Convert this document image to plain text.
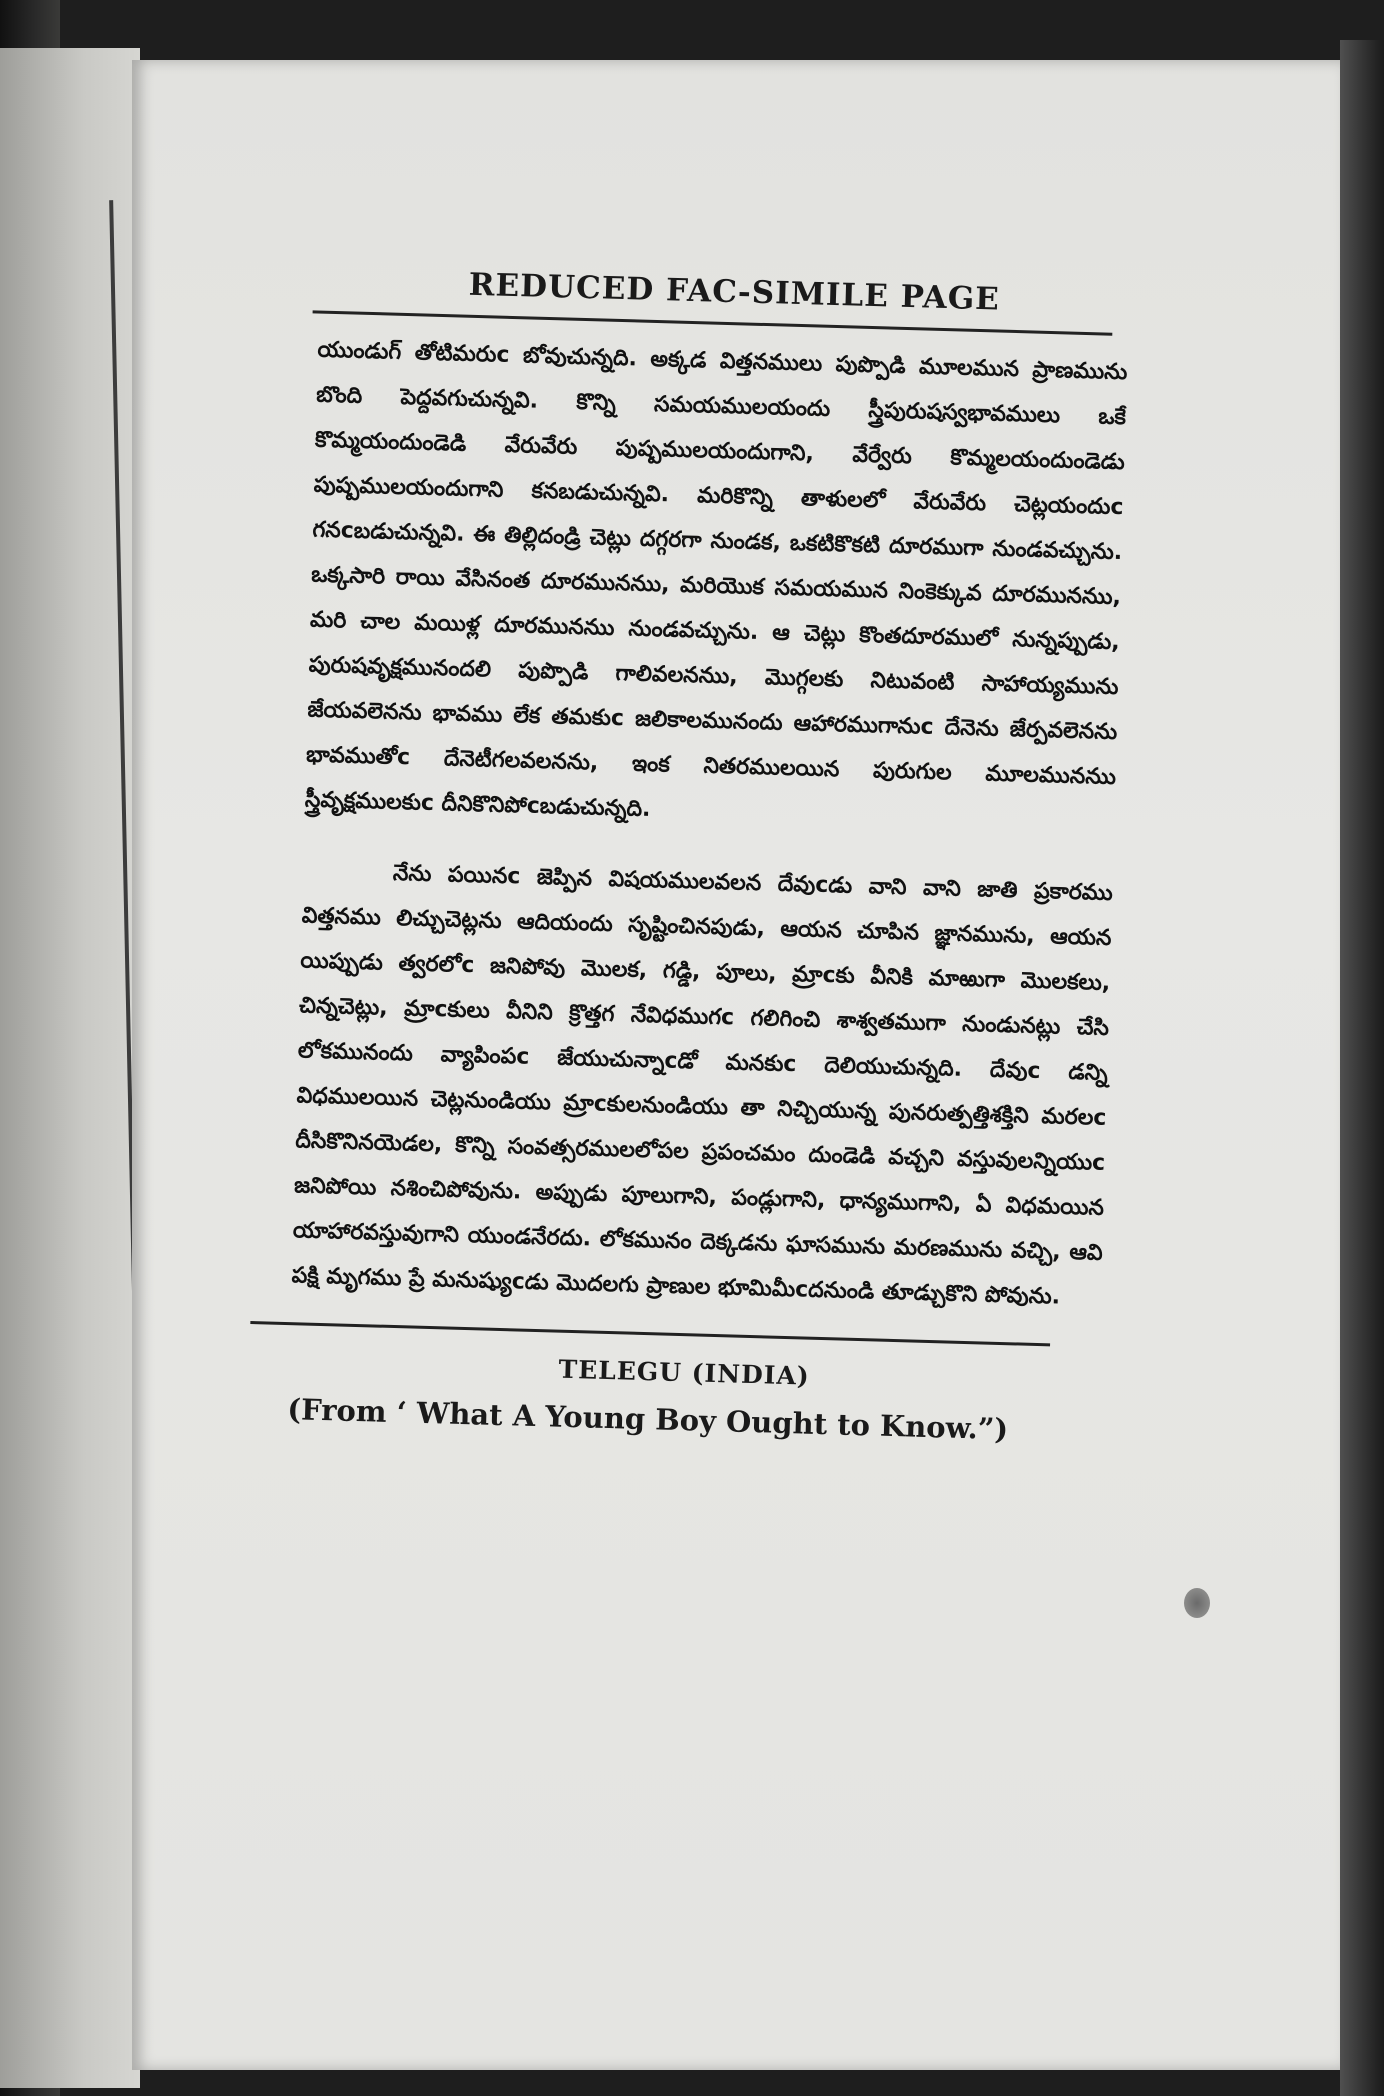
REDUCED FAC-SIMILE PAGE

యుండుగ్ తోటిమరుc బోవుచున్నది. అక్కడ విత్తనములు పుప్పొడి మూలమున ప్రాణమును బొంది పెద్దవగుచున్నవి. కొన్ని సమయములయందు స్త్రీపురుషస్వభావములు ఒకే కొమ్మయందుండెడి వేరువేరు పుష్పములయందుగాని, వేర్వేరు కొమ్మలయందుండెడు పుష్పములయందుగాని కనబడుచున్నవి. మరికొన్ని తాళులలో వేరువేరు చెట్లయందుc గనcబడుచున్నవి. ఈ తిల్లిదండ్రి చెట్లు దగ్గరగా నుండక, ఒకటికొకటి దూరముగా నుండవచ్చును. ఒక్కసారి రాయి వేసినంత దూరముననుు, మరియొక సమయమున నింకెక్కువ దూరముననుు, మరి చాల మయిళ్ల దూరముననుు నుండవచ్చును. ఆ చెట్లు కొంతదూరములో నున్నప్పుడు, పురుషవృక్షమునందలి పుప్పొడి గాలివలననుు, మొగ్గలకు నిటువంటి సాహాయ్యమును జేయవలెనను భావము లేక తమకుc జలికాలమునందు ఆహారముగానుc దేనెను జేర్పవలెనను భావముతోc దేనెటీగలవలనను, ఇంక నితరములయిన పురుగుల మూలముననుు స్త్రీవృక్షములకుc దీనికొనిపోcబడుచున్నది.

నేను పయినc జెప్పిన విషయములవలన దేవుcడు వాని వాని జాతి ప్రకారము విత్తనము లిచ్చుచెట్లను ఆదియందు సృష్టించినపుడు, ఆయన చూపిన జ్ఞానమును, ఆయన యిప్పుడు త్వరలోc జనిపోవు మొలక, గడ్డి, పూలు, మ్రాcకు వీనికి మాఱుగా మొలకలు, చిన్నచెట్లు, మ్రాcకులు వీనిని క్రొత్తగ నేవిధముగc గలిగించి శాశ్వతముగా నుండునట్లు చేసి లోకమునందు వ్యాపింపc జేయుచున్నాcడో మనకుc దెలియుచున్నది. దేవుc డన్ని విధములయిన చెట్లనుండియు మ్రాcకులనుండియు తా నిచ్చియున్న పునరుత్పత్తిశక్తిని మరలc దీసికొనినయెడల, కొన్ని సంవత్సరములలోపల ప్రపంచమం దుండెడి వచ్చని వస్తువులన్నియుc జనిపోయి నశించిపోవును. అప్పుడు పూలుగాని, పండ్లుగాని, ధాన్యముగాని, ఏ విధమయిన యాహారవస్తువుగాని యుండనేరదు. లోకమునం దెక్కడను ఘాసమును మరణమును వచ్చి, ఆవి పక్షి మృగము ప్రే మనుష్యుcడు మొదలగు ప్రాణుల భూమిమీcదనుండి తూడ్చుకొని పోవును.

TELEGU (INDIA)
(From ‘ What A Young Boy Ought to Know.”)
